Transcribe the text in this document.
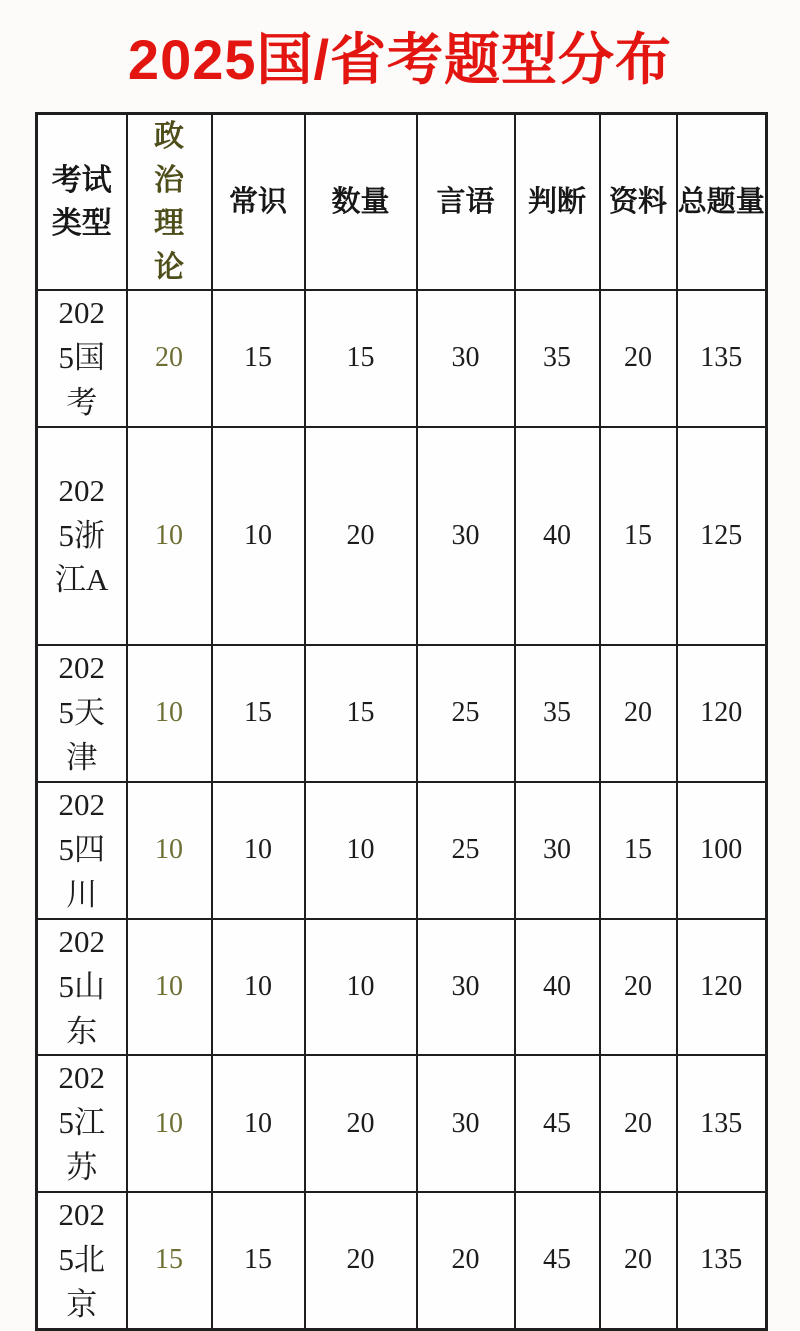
2025国/省考题型分布
考试类型	政治理论	常识	数量	言语	判断	资料	总题量
2025国考	20	15	15	30	35	20	135
2025浙江A	10	10	20	30	40	15	125
2025天津	10	15	15	25	35	20	120
2025四川	10	10	10	25	30	15	100
2025山东	10	10	10	30	40	20	120
2025江苏	10	10	20	30	45	20	135
2025北京	15	15	20	20	45	20	135
